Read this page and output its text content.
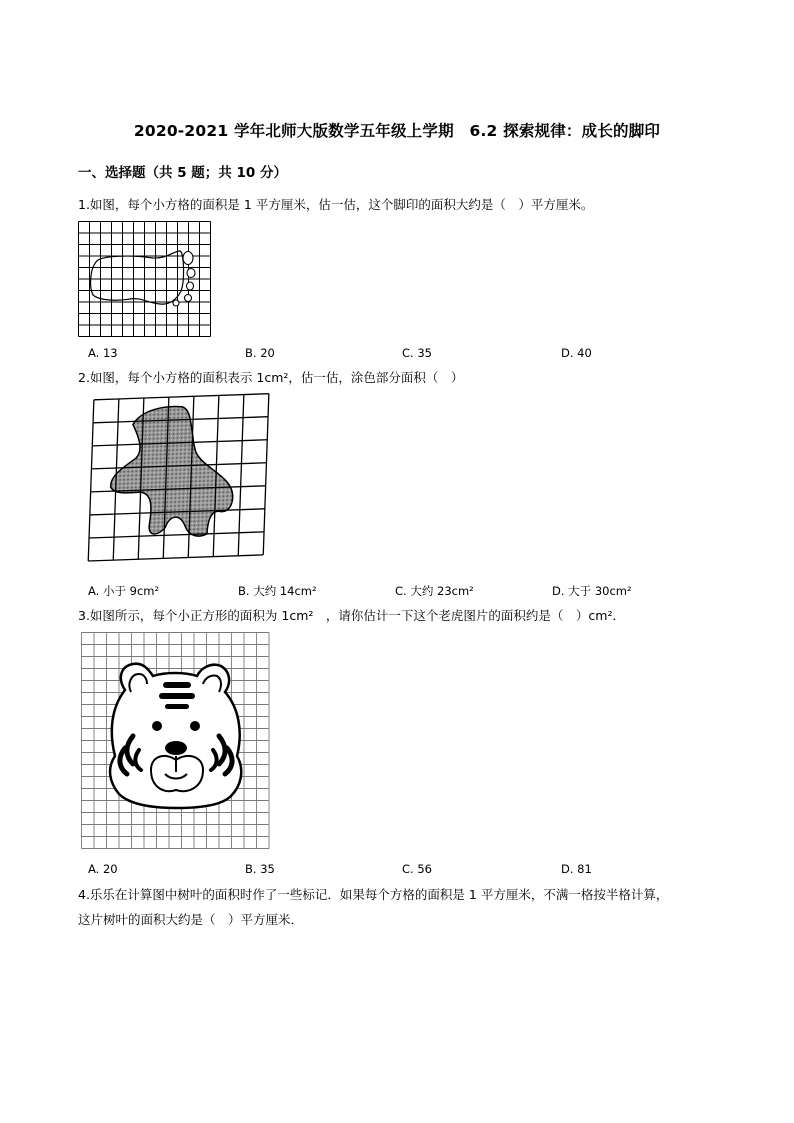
2020-2021 学年北师大版数学五年级上学期　6.2 探索规律：成长的脚印
一、选择题（共 5 题；共 10 分）
1.如图，每个小方格的面积是 1 平方厘米，估一估，这个脚印的面积大约是（　）平方厘米。
A. 13	B. 20	C. 35	D. 40
2.如图，每个小方格的面积表示 1cm²，估一估，涂色部分面积（　）
A. 小于 9cm²	B. 大约 14cm²	C. 大约 23cm²	D. 大于 30cm²
3.如图所示，每个小正方形的面积为 1cm²　，请你估计一下这个老虎图片的面积约是（　）cm²．
A. 20	B. 35	C. 56	D. 81
4.乐乐在计算图中树叶的面积时作了一些标记．如果每个方格的面积是 1 平方厘米，不满一格按半格计算，
这片树叶的面积大约是（　）平方厘米．
